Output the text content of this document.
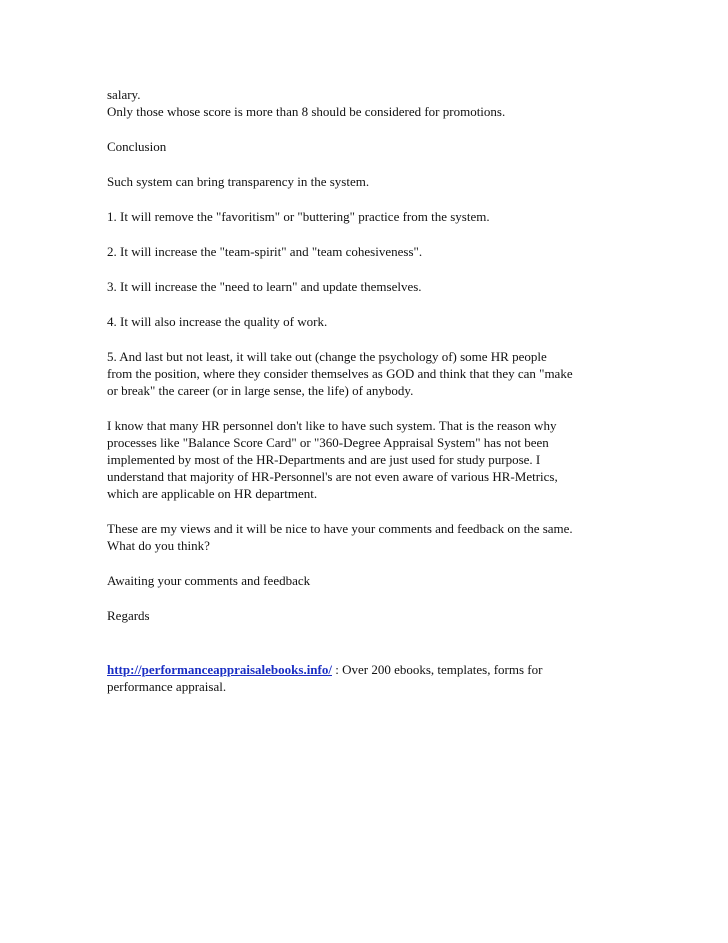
salary.
Only those whose score is more than 8 should be considered for promotions.

Conclusion

Such system can bring transparency in the system.

1. It will remove the "favoritism" or "buttering" practice from the system.

2. It will increase the "team-spirit" and "team cohesiveness".

3. It will increase the "need to learn" and update themselves.

4. It will also increase the quality of work.

5. And last but not least, it will take out (change the psychology of) some HR people
from the position, where they consider themselves as GOD and think that they can "make
or break" the career (or in large sense, the life) of anybody.

I know that many HR personnel don't like to have such system. That is the reason why
processes like "Balance Score Card" or "360-Degree Appraisal System" has not been
implemented by most of the HR-Departments and are just used for study purpose. I
understand that majority of HR-Personnel's are not even aware of various HR-Metrics,
which are applicable on HR department.

These are my views and it will be nice to have your comments and feedback on the same.
What do you think?

Awaiting your comments and feedback

Regards

http://performanceappraisalebooks.info/ : Over 200 ebooks, templates, forms for
performance appraisal.
